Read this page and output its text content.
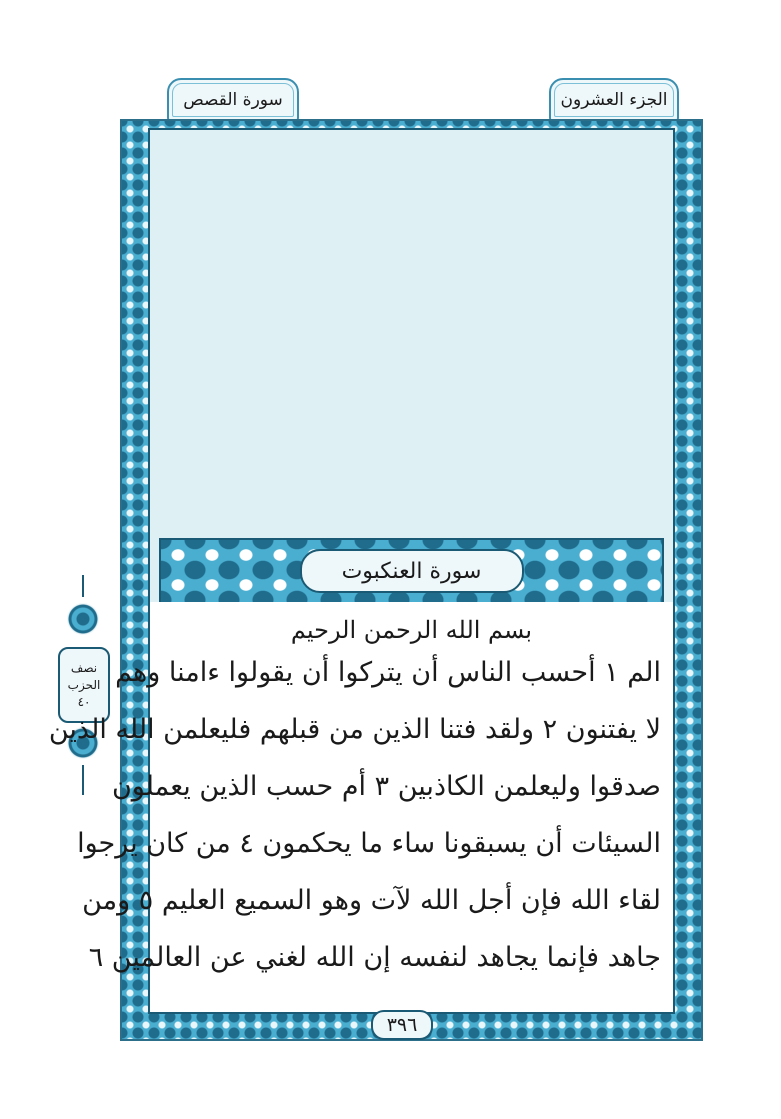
الجزء العشرون
سورة القصص
نصف
الحزب
٤٠
سورة العنكبوت
بسم الله الرحمن الرحيم
الم ١ أحسب الناس أن يتركوا أن يقولوا ءامنا وهم
لا يفتنون ٢ ولقد فتنا الذين من قبلهم فليعلمن الله الذين
صدقوا وليعلمن الكاذبين ٣ أم حسب الذين يعملون
السيئات أن يسبقونا ساء ما يحكمون ٤ من كان يرجوا
لقاء الله فإن أجل الله لآت وهو السميع العليم ٥ ومن
جاهد فإنما يجاهد لنفسه إن الله لغني عن العالمين ٦
٣٩٦
